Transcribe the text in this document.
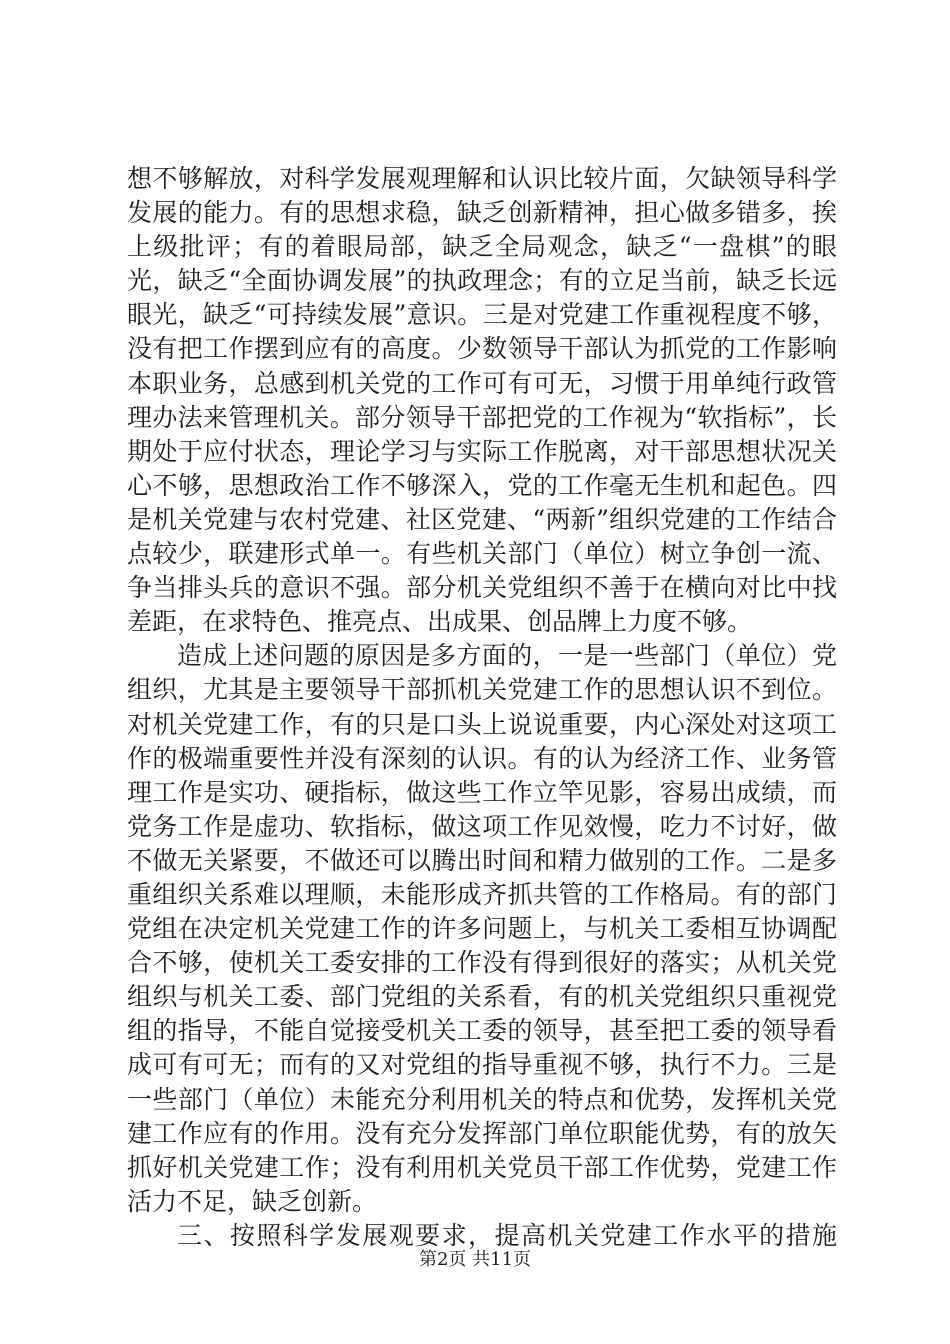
想不够解放，对科学发展观理解和认识比较片面，欠缺领导科学发展的能力。有的思想求稳，缺乏创新精神，担心做多错多，挨上级批评；有的着眼局部，缺乏全局观念，缺乏“一盘棋”的眼光，缺乏“全面协调发展”的执政理念；有的立足当前，缺乏长远眼光，缺乏“可持续发展”意识。三是对党建工作重视程度不够，没有把工作摆到应有的高度。少数领导干部认为抓党的工作影响本职业务，总感到机关党的工作可有可无，习惯于用单纯行政管理办法来管理机关。部分领导干部把党的工作视为“软指标”，长期处于应付状态，理论学习与实际工作脱离，对干部思想状况关心不够，思想政治工作不够深入，党的工作毫无生机和起色。四是机关党建与农村党建、社区党建、“两新”组织党建的工作结合点较少，联建形式单一。有些机关部门（单位）树立争创一流、争当排头兵的意识不强。部分机关党组织不善于在横向对比中找差距，在求特色、推亮点、出成果、创品牌上力度不够。

造成上述问题的原因是多方面的，一是一些部门（单位）党组织，尤其是主要领导干部抓机关党建工作的思想认识不到位。对机关党建工作，有的只是口头上说说重要，内心深处对这项工作的极端重要性并没有深刻的认识。有的认为经济工作、业务管理工作是实功、硬指标，做这些工作立竿见影，容易出成绩，而党务工作是虚功、软指标，做这项工作见效慢，吃力不讨好，做不做无关紧要，不做还可以腾出时间和精力做别的工作。二是多重组织关系难以理顺，未能形成齐抓共管的工作格局。有的部门党组在决定机关党建工作的许多问题上，与机关工委相互协调配合不够，使机关工委安排的工作没有得到很好的落实；从机关党组织与机关工委、部门党组的关系看，有的机关党组织只重视党组的指导，不能自觉接受机关工委的领导，甚至把工委的领导看成可有可无；而有的又对党组的指导重视不够，执行不力。三是一些部门（单位）未能充分利用机关的特点和优势，发挥机关党建工作应有的作用。没有充分发挥部门单位职能优势，有的放矢抓好机关党建工作；没有利用机关党员干部工作优势，党建工作活力不足，缺乏创新。

三、按照科学发展观要求，提高机关党建工作水平的措施

第2页 共11页
